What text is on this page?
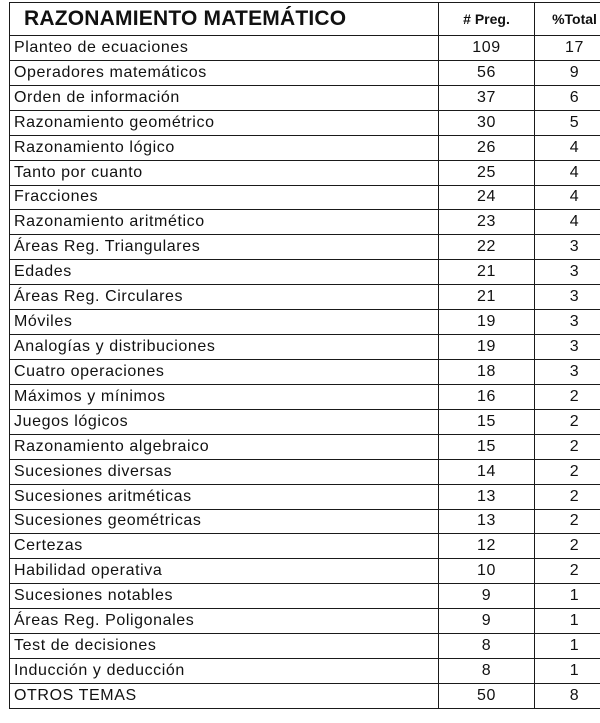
RAZONAMIENTO MATEMÁTICO	# Preg.	%Total
Planteo de ecuaciones	109	17
Operadores matemáticos	56	9
Orden de información	37	6
Razonamiento geométrico	30	5
Razonamiento lógico	26	4
Tanto por cuanto	25	4
Fracciones	24	4
Razonamiento aritmético	23	4
Áreas Reg. Triangulares	22	3
Edades	21	3
Áreas Reg. Circulares	21	3
Móviles	19	3
Analogías y distribuciones	19	3
Cuatro operaciones	18	3
Máximos y mínimos	16	2
Juegos lógicos	15	2
Razonamiento algebraico	15	2
Sucesiones diversas	14	2
Sucesiones aritméticas	13	2
Sucesiones geométricas	13	2
Certezas	12	2
Habilidad operativa	10	2
Sucesiones notables	9	1
Áreas Reg. Poligonales	9	1
Test de decisiones	8	1
Inducción y deducción	8	1
OTROS TEMAS	50	8
